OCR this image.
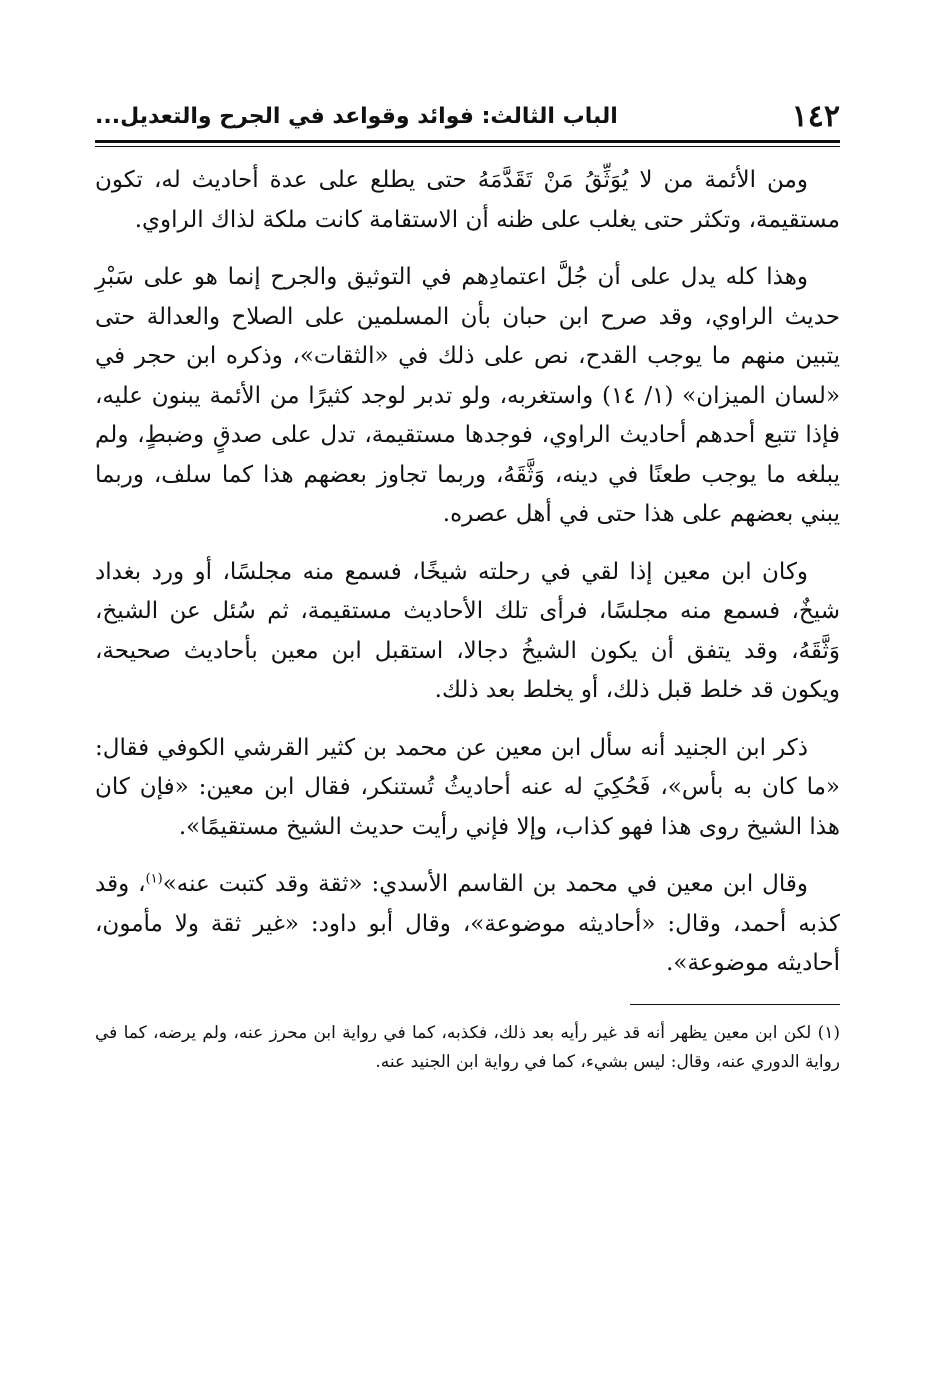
١٤٢
الباب الثالث: فوائد وقواعد في الجرح والتعديل...

ومن الأئمة من لا يُوَثِّقُ مَنْ تَقَدَّمَهُ حتى يطلع على عدة أحاديث له، تكون مستقيمة، وتكثر حتى يغلب على ظنه أن الاستقامة كانت ملكة لذاك الراوي.

وهذا كله يدل على أن جُلَّ اعتمادِهم في التوثيق والجرح إنما هو على سَبْرِ حديث الراوي، وقد صرح ابن حبان بأن المسلمين على الصلاح والعدالة حتى يتبين منهم ما يوجب القدح، نص على ذلك في «الثقات»، وذكره ابن حجر في «لسان الميزان» (١/ ١٤) واستغربه، ولو تدبر لوجد كثيرًا من الأئمة يبنون عليه، فإذا تتبع أحدهم أحاديث الراوي، فوجدها مستقيمة، تدل على صدقٍ وضبطٍ، ولم يبلغه ما يوجب طعنًا في دينه، وَثَّقَهُ، وربما تجاوز بعضهم هذا كما سلف، وربما يبني بعضهم على هذا حتى في أهل عصره.

وكان ابن معين إذا لقي في رحلته شيخًا، فسمع منه مجلسًا، أو ورد بغداد شيخٌ، فسمع منه مجلسًا، فرأى تلك الأحاديث مستقيمة، ثم سُئل عن الشيخ، وَثَّقَهُ، وقد يتفق أن يكون الشيخُ دجالا، استقبل ابن معين بأحاديث صحيحة، ويكون قد خلط قبل ذلك، أو يخلط بعد ذلك.

ذكر ابن الجنيد أنه سأل ابن معين عن محمد بن كثير القرشي الكوفي فقال: «ما كان به بأس»، فَحُكِيَ له عنه أحاديثُ تُستنكر، فقال ابن معين: «فإن كان هذا الشيخ روى هذا فهو كذاب، وإلا فإني رأيت حديث الشيخ مستقيمًا».

وقال ابن معين في محمد بن القاسم الأسدي: «ثقة وقد كتبت عنه»$^{(١)}$، وقد كذبه أحمد، وقال: «أحاديثه موضوعة»، وقال أبو داود: «غير ثقة ولا مأمون، أحاديثه موضوعة».

(١) لكن ابن معين يظهر أنه قد غير رأيه بعد ذلك، فكذبه، كما في رواية ابن محرز عنه، ولم يرضه، كما في رواية الدوري عنه، وقال: ليس بشيء، كما في رواية ابن الجنيد عنه.
